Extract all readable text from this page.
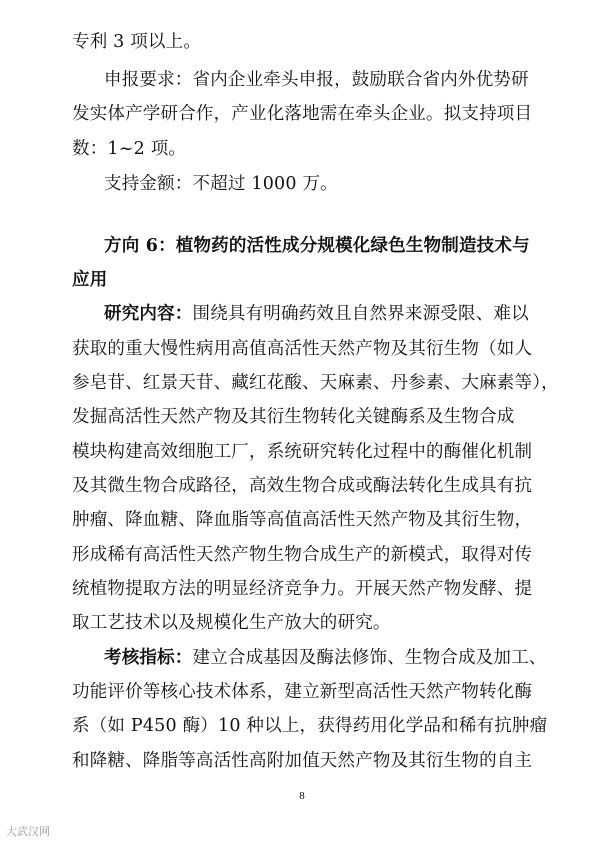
专利 3 项以上。
申报要求：省内企业牵头申报，鼓励联合省内外优势研
发实体产学研合作，产业化落地需在牵头企业。拟支持项目
数：1~2 项。
支持金额：不超过 1000 万。
方向 6：植物药的活性成分规模化绿色生物制造技术与
应用
研究内容：围绕具有明确药效且自然界来源受限、难以
获取的重大慢性病用高值高活性天然产物及其衍生物（如人
参皂苷、红景天苷、藏红花酸、天麻素、丹参素、大麻素等），
发掘高活性天然产物及其衍生物转化关键酶系及生物合成
模块构建高效细胞工厂，系统研究转化过程中的酶催化机制
及其微生物合成路径，高效生物合成或酶法转化生成具有抗
肿瘤、降血糖、降血脂等高值高活性天然产物及其衍生物，
形成稀有高活性天然产物生物合成生产的新模式，取得对传
统植物提取方法的明显经济竞争力。开展天然产物发酵、提
取工艺技术以及规模化生产放大的研究。
考核指标：建立合成基因及酶法修饰、生物合成及加工、
功能评价等核心技术体系，建立新型高活性天然产物转化酶
系（如 P450 酶）10 种以上，获得药用化学品和稀有抗肿瘤
和降糖、降脂等高活性高附加值天然产物及其衍生物的自主
8
大武汉网
